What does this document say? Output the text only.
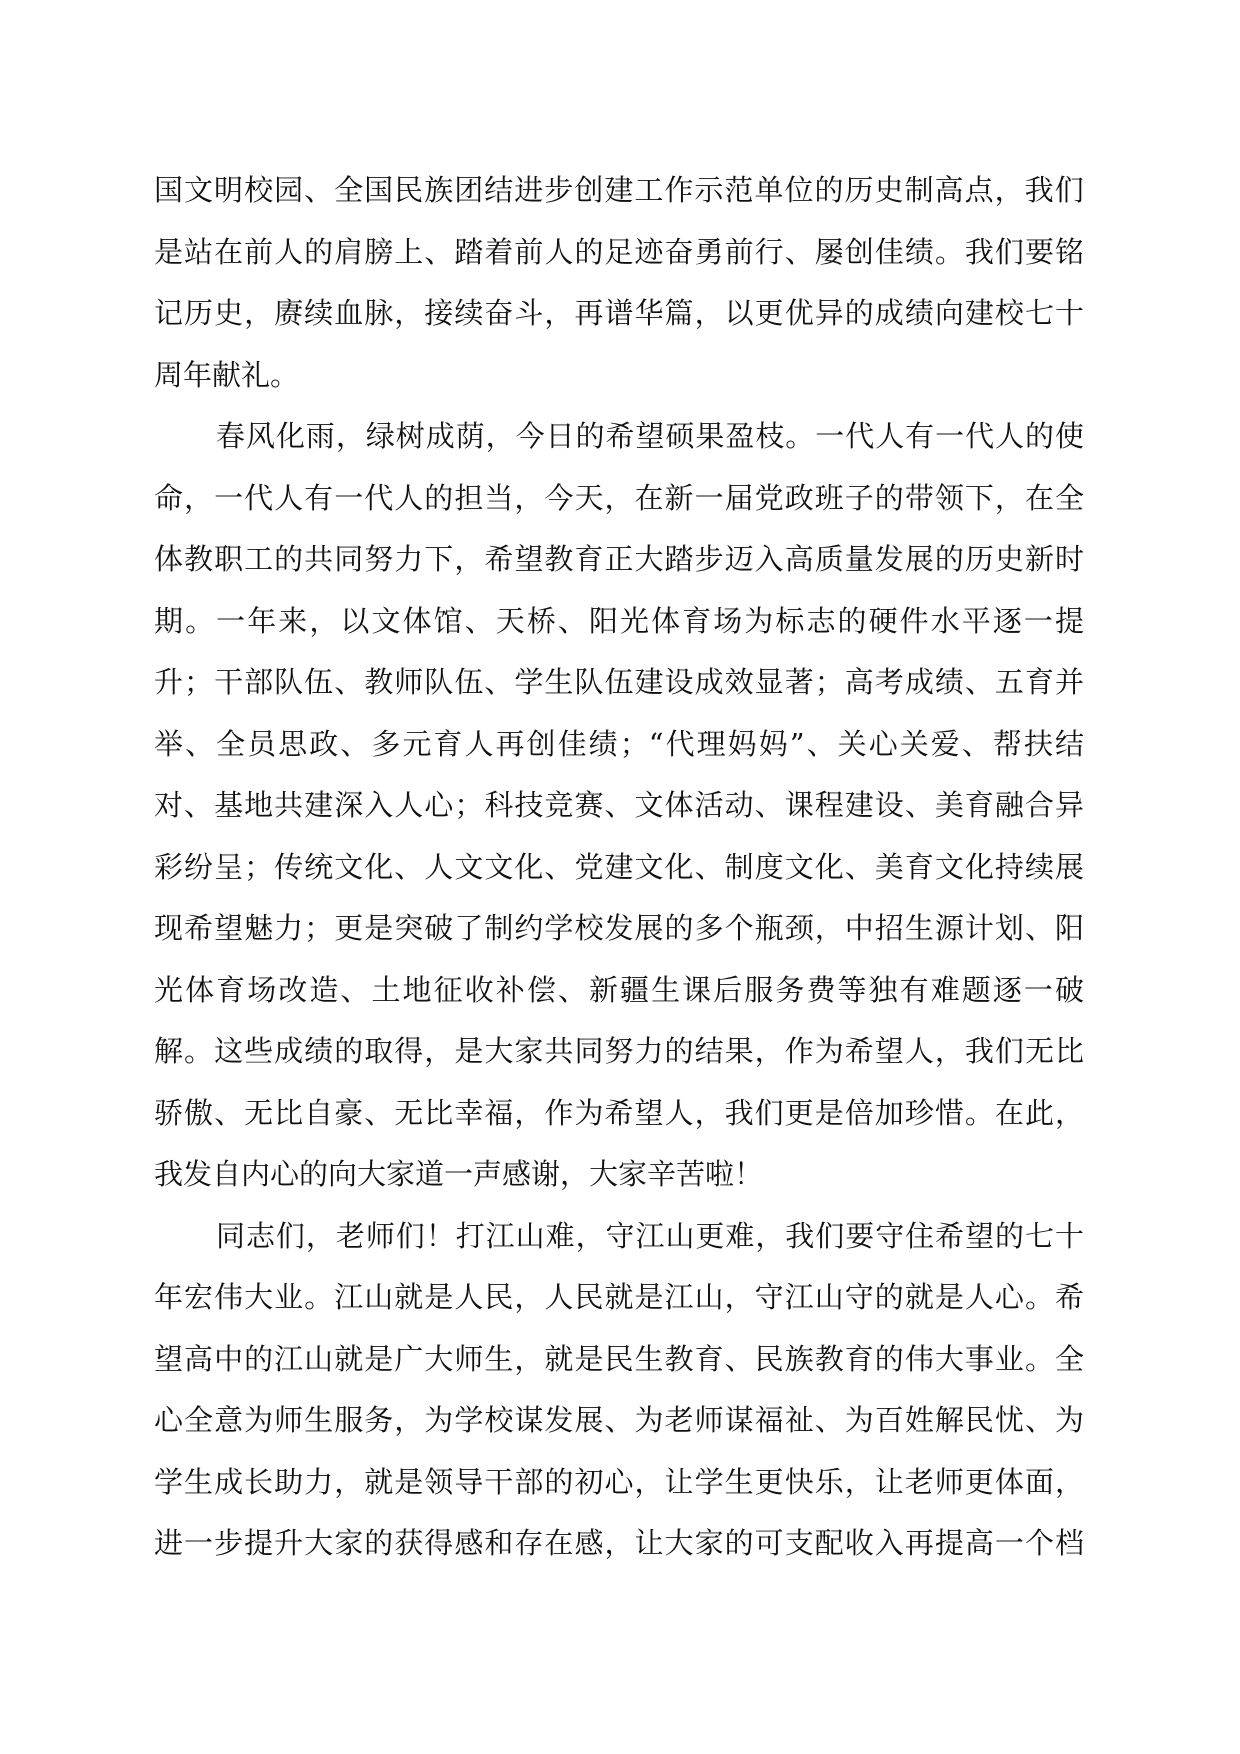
国文明校园、全国民族团结进步创建工作示范单位的历史制高点，我们
是站在前人的肩膀上、踏着前人的足迹奋勇前行、屡创佳绩。我们要铭
记历史，赓续血脉，接续奋斗，再谱华篇，以更优异的成绩向建校七十
周年献礼。
春风化雨，绿树成荫，今日的希望硕果盈枝。一代人有一代人的使
命，一代人有一代人的担当，今天，在新一届党政班子的带领下，在全
体教职工的共同努力下，希望教育正大踏步迈入高质量发展的历史新时
期。一年来，以文体馆、天桥、阳光体育场为标志的硬件水平逐一提
升；干部队伍、教师队伍、学生队伍建设成效显著；高考成绩、五育并
举、全员思政、多元育人再创佳绩；“代理妈妈”、关心关爱、帮扶结
对、基地共建深入人心；科技竞赛、文体活动、课程建设、美育融合异
彩纷呈；传统文化、人文文化、党建文化、制度文化、美育文化持续展
现希望魅力；更是突破了制约学校发展的多个瓶颈，中招生源计划、阳
光体育场改造、土地征收补偿、新疆生课后服务费等独有难题逐一破
解。这些成绩的取得，是大家共同努力的结果，作为希望人，我们无比
骄傲、无比自豪、无比幸福，作为希望人，我们更是倍加珍惜。在此，
我发自内心的向大家道一声感谢，大家辛苦啦！
同志们，老师们！打江山难，守江山更难，我们要守住希望的七十
年宏伟大业。江山就是人民，人民就是江山，守江山守的就是人心。希
望高中的江山就是广大师生，就是民生教育、民族教育的伟大事业。全
心全意为师生服务，为学校谋发展、为老师谋福祉、为百姓解民忧、为
学生成长助力，就是领导干部的初心，让学生更快乐，让老师更体面，
进一步提升大家的获得感和存在感，让大家的可支配收入再提高一个档
